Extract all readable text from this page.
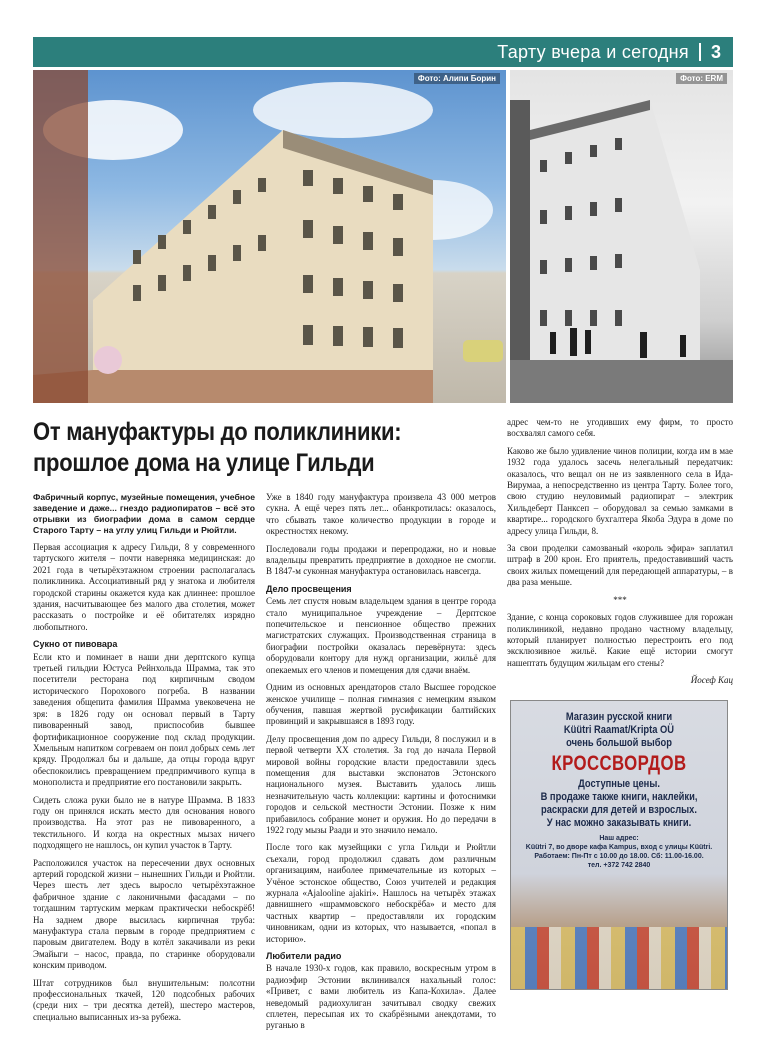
Тарту вчера и сегодня 3
Фото: Алипи Борин	Фото: ERM
От мануфактуры до поликлиники:
прошлое дома на улице Гильди

Фабричный корпус, музейные помещения, учебное заведение и даже... гнездо радиопиратов – всё это отрывки из биографии дома в самом сердце Старого Тарту – на углу улиц Гильди и Рюйтли.

Первая ассоциация к адресу Гильди, 8 у современного тартуского жителя – почти наверняка медицинская: до 2021 года в четырёхэтажном строении располагалась поликлиника. Ассоциативный ряд у знатока и любителя городской старины окажется куда как длиннее: прошлое здания, насчитывающее без малого два столетия, может рассказать о постройке и её обитателях изрядно любопытного.

Сукно от пивовара

Если кто и поминает в наши дни дерптского купца третьей гильдии Юстуса Рейнхольда Шрамма, так это посетители ресторана под кирпичным сводом исторического Порохового погреба. В названии заведения общепита фамилия Шрамма увековечена не зря: в 1826 году он основал первый в Тарту пивоваренный завод, приспособив бывшее фортификационное сооружение под склад продукции. Хмельным напитком согреваем он поил добрых семь лет кряду. Продолжал бы и дальше, да отцы города вдруг обеспокоились превращением предпримчивого купца в монополиста и предприятие его постановили закрыть.

Сидеть сложа руки было не в натуре Шрамма. В 1833 году он принялся искать место для основания нового производства. На этот раз не пивоваренного, а текстильного. И когда на окрестных мызах ничего подходящего не нашлось, он купил участок в Тарту.

Расположился участок на пересечении двух основных артерий городской жизни – нынешних Гильди и Рюйтли. Через шесть лет здесь выросло четырёхэтажное фабричное здание с лаконичными фасадами – по тогдашним тартуским меркам практически небоскрёб! На заднем дворе высилась кирпичная труба: мануфактура стала первым в городе предприятием с паровым двигателем. Воду в котёл закачивали из реки Эмайыги – насос, правда, по старинке оборудовали конским приводом.

Штат сотрудников был внушительным: полсотни профессиональных ткачей, 120 подсобных рабочих (среди них – три десятка детей), шестеро мастеров, специально выписанных из-за рубежа.

Уже в 1840 году мануфактура произвела 43 000 метров сукна. А ещё через пять лет... обанкротилась: оказалось, что сбывать такое количество продукции в городе и окрестностях некому.

Последовали годы продажи и перепродажи, но и новые владельцы превратить предприятие в доходное не смогли. В 1847-м суконная мануфактура остановилась навсегда.

Дело просвещения

Семь лет спустя новым владельцем здания в центре города стало муниципальное учреждение – Дерптское попечительское и пенсионное общество прежних магистратских служащих. Производственная страница в биографии постройки оказалась перевёрнута: здесь оборудовали контору для нужд организации, жильё для опекаемых его членов и помещения для сдачи внаём.

Одним из основных арендаторов стало Высшее городское женское училище – полная гимназия с немецким языком обучения, павшая жертвой русификации балтийских провинций и закрывшаяся в 1893 году.

Делу просвещения дом по адресу Гильди, 8 послужил и в первой четверти XX столетия. За год до начала Первой мировой войны городские власти предоставили здесь помещения для выставки экспонатов Эстонского национального музея. Выставить удалось лишь незначительную часть коллекции: картины и фотоснимки городов и сельской местности Эстонии. Позже к ним прибавилось собрание монет и оружия. Но до передачи в 1922 году мызы Раади и это значило немало.

После того как музейщики с угла Гильди и Рюйтли съехали, город продолжил сдавать дом различным организациям, наиболее примечательные из которых – Учёное эстонское общество, Союз учителей и редакция журнала «Ajalooline ajakiri». Нашлось на четырёх этажах давнишнего «шраммовского небоскрёба» и место для частных квартир – предоставляли их городским чиновникам, одни из которых, что называется, «попал в историю».

Любители радио

В начале 1930-х годов, как правило, воскресным утром в радиоэфир Эстонии вклинивался нахальный голос: «Привет, с вами любитель из Капа-Кохила». Далее неведомый радиохулиган зачитывал сводку свежих сплетен, пересыпая их то скабрёзными анекдотами, то руганью в

адрес чем-то не угодивших ему фирм, то просто восхвалял самого себя.

Каково же было удивление чинов полиции, когда им в мае 1932 года удалось засечь нелегальный передатчик: оказалось, что вещал он не из заявленного села в Ида-Вирумаа, а непосредственно из центра Тарту. Более того, свою студию неуловимый радиопират – электрик Хильдеберт Панксеп – оборудовал за семью замками в квартире... городского бухгалтера Якоба Эдура в доме по адресу улица Гильди, 8.

За свои проделки самозваный «король эфира» заплатил штраф в 200 крон. Его приятель, предоставивший часть своих жилых помещений для передающей аппаратуры, – в два раза меньше.

***

Здание, с конца сороковых годов служившее для горожан поликлиникой, недавно продано частному владельцу, который планирует полностью перестроить его под эксклюзивное жильё. Какие ещё истории смогут нашептать будущим жильцам его стены?

Йосеф Кац

Магазин русской книги
Küütri Raamat/Kripta OÜ
очень большой выбор
КРОССВОРДОВ
Доступные цены.
В продаже также книги, наклейки,
раскраски для детей и взрослых.
У нас можно заказывать книги.
Наш адрес:
Küütri 7, во дворе кафа Kampus, вход с улицы Küütri.
Работаем: Пн-Пт с 10.00 до 18.00. Сб: 11.00-16.00.
тел. +372 742 2840
